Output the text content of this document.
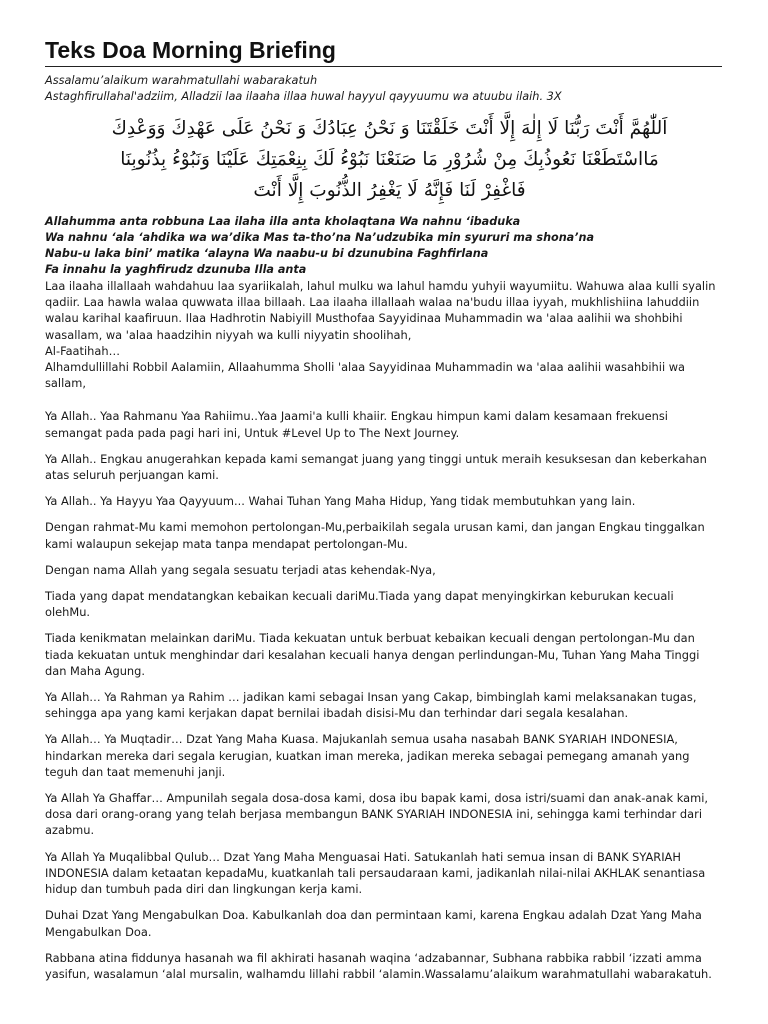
Teks Doa Morning Briefing
Assalamu’alaikum warahmatullahi wabarakatuh
Astaghfirullahal'adziim, Alladzii laa ilaaha illaa huwal hayyul qayyuumu wa atuubu ilaih. 3X
اَللّٰهُمَّ أَنْتَ رَبُّنَا لَا إِلٰهَ إِلَّا أَنْتَ خَلَقْتَنَا وَ نَحْنُ عِبَادُكَ وَ نَحْنُ عَلَى عَهْدِكَ وَوَعْدِكَ
مَااسْتَطَعْنَا نَعُوذُبِكَ مِنْ شُرُوْرِ مَا صَنَعْنَا نَبُوْءُ لَكَ بِنِعْمَتِكَ عَلَيْنَا وَنَبُوْءُ بِذُنُوبِنَا
فَاغْفِرْ لَنَا فَإِنَّهُ لَا يَغْفِرُ الذُّنُوبَ إِلَّا أَنْتَ
Allahumma anta robbuna Laa ilaha illa anta kholaqtana Wa nahnu ‘ibaduka
Wa nahnu ‘ala ‘ahdika wa wa’dika Mas ta-tho’na Na’udzubika min syururi ma shona’na
Nabu-u laka bini’ matika ‘alayna Wa naabu-u bi dzunubina Faghfirlana
Fa innahu la yaghfirudz dzunuba Illa anta
Laa ilaaha illallaah wahdahuu laa syariikalah, lahul mulku wa lahul hamdu yuhyii wayumiitu. Wahuwa alaa kulli syalin qadiir. Laa hawla walaa quwwata illaa billaah. Laa ilaaha illallaah walaa na'budu illaa iyyah, mukhlishiina lahuddiin walau karihal kaafiruun. Ilaa Hadhrotin Nabiyill Musthofaa Sayyidinaa Muhammadin wa 'alaa aalihii wa shohbihi wasallam, wa 'alaa haadzihin niyyah wa kulli niyyatin shoolihah,
Al-Faatihah…
Alhamdullillahi Robbil Aalamiin, Allaahumma Sholli 'alaa Sayyidinaa Muhammadin wa 'alaa aalihii wasahbihii wa sallam,
Ya Allah.. Yaa Rahmanu Yaa Rahiimu..Yaa Jaami'a kulli khaiir. Engkau himpun kami dalam kesamaan frekuensi semangat pada pada pagi hari ini, Untuk #Level Up to The Next Journey.
Ya Allah.. Engkau anugerahkan kepada kami semangat juang yang tinggi untuk meraih kesuksesan dan keberkahan atas seluruh perjuangan kami.
Ya Allah.. Ya Hayyu Yaa Qayyuum... Wahai Tuhan Yang Maha Hidup, Yang tidak membutuhkan yang lain.
Dengan rahmat-Mu kami memohon pertolongan-Mu,perbaikilah segala urusan kami, dan jangan Engkau tinggalkan kami walaupun sekejap mata tanpa mendapat pertolongan-Mu.
Dengan nama Allah yang segala sesuatu terjadi atas kehendak-Nya,
Tiada yang dapat mendatangkan kebaikan kecuali dariMu.Tiada yang dapat menyingkirkan keburukan kecuali olehMu.
Tiada kenikmatan melainkan dariMu. Tiada kekuatan untuk berbuat kebaikan kecuali dengan pertolongan-Mu dan tiada kekuatan untuk menghindar dari kesalahan kecuali hanya dengan perlindungan-Mu, Tuhan Yang Maha Tinggi dan Maha Agung.
Ya Allah… Ya Rahman ya Rahim … jadikan kami sebagai Insan yang Cakap, bimbinglah kami melaksanakan tugas, sehingga apa yang kami kerjakan dapat bernilai ibadah disisi-Mu dan terhindar dari segala kesalahan.
Ya Allah… Ya Muqtadir… Dzat Yang Maha Kuasa. Majukanlah semua usaha nasabah BANK SYARIAH INDONESIA, hindarkan mereka dari segala kerugian, kuatkan iman mereka, jadikan mereka sebagai pemegang amanah yang teguh dan taat memenuhi janji.
Ya Allah Ya Ghaffar… Ampunilah segala dosa-dosa kami, dosa ibu bapak kami, dosa istri/suami dan anak-anak kami, dosa dari orang-orang yang telah berjasa membangun BANK SYARIAH INDONESIA ini, sehingga kami terhindar dari azabmu.
Ya Allah Ya Muqalibbal Qulub… Dzat Yang Maha Menguasai Hati. Satukanlah hati semua insan di BANK SYARIAH INDONESIA dalam ketaatan kepadaMu, kuatkanlah tali persaudaraan kami, jadikanlah nilai-nilai AKHLAK senantiasa hidup dan tumbuh pada diri dan lingkungan kerja kami.
Duhai Dzat Yang Mengabulkan Doa. Kabulkanlah doa dan permintaan kami, karena Engkau adalah Dzat Yang Maha Mengabulkan Doa.
Rabbana atina fiddunya hasanah wa fil akhirati hasanah waqina ‘adzabannar, Subhana rabbika rabbil ‘izzati amma yasifun, wasalamun ‘alal mursalin, walhamdu lillahi rabbil ‘alamin.Wassalamu’alaikum warahmatullahi wabarakatuh.
